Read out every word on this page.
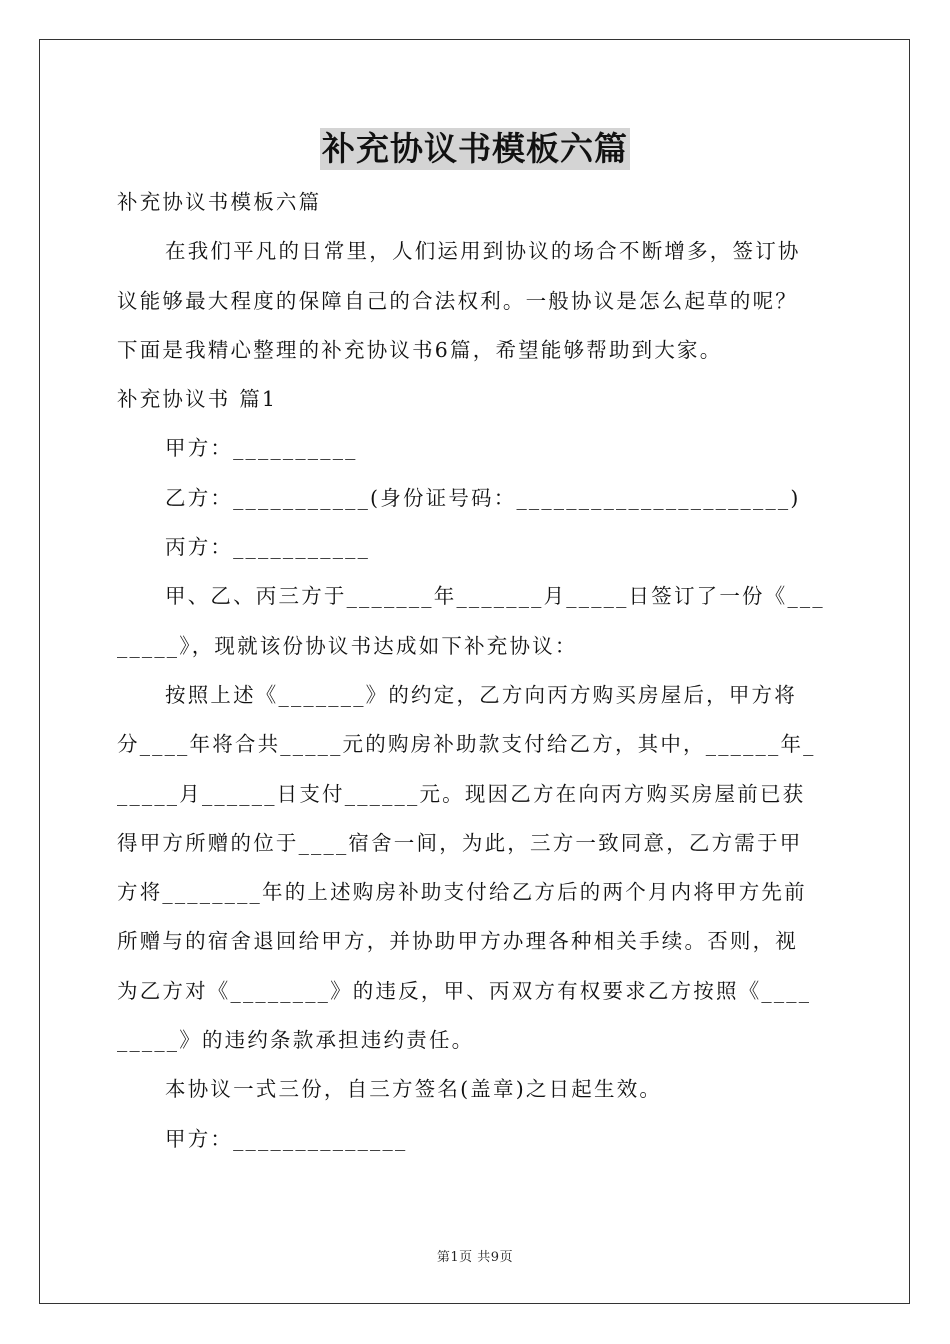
补充协议书模板六篇
补充协议书模板六篇
在我们平凡的日常里，人们运用到协议的场合不断增多，签订协
议能够最大程度的保障自己的合法权利。一般协议是怎么起草的呢？
下面是我精心整理的补充协议书6篇，希望能够帮助到大家。
补充协议书 篇1
甲方：__________
乙方：___________(身份证号码：______________________)
丙方：___________
甲、乙、丙三方于_______年_______月_____日签订了一份《___
_____》，现就该份协议书达成如下补充协议：
按照上述《_______》的约定，乙方向丙方购买房屋后，甲方将
分____年将合共_____元的购房补助款支付给乙方，其中，______年_
_____月______日支付______元。现因乙方在向丙方购买房屋前已获
得甲方所赠的位于____宿舍一间，为此，三方一致同意，乙方需于甲
方将________年的上述购房补助支付给乙方后的两个月内将甲方先前
所赠与的宿舍退回给甲方，并协助甲方办理各种相关手续。否则，视
为乙方对《________》的违反，甲、丙双方有权要求乙方按照《____
_____》的违约条款承担违约责任。
本协议一式三份，自三方签名(盖章)之日起生效。
甲方：______________
第1页 共9页
